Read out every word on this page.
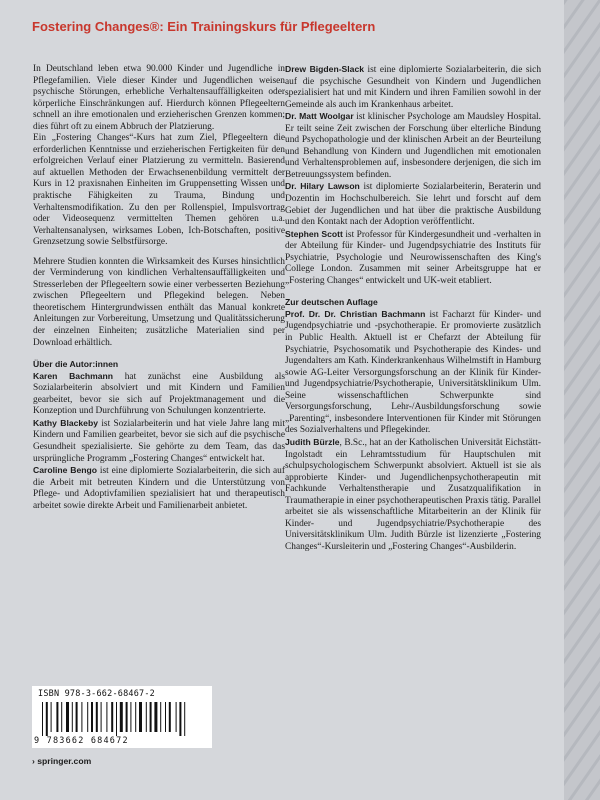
Fostering Changes®: Ein Trainingskurs für Pflegeeltern

In Deutschland leben etwa 90.000 Kinder und Jugendliche in Pflegefamilien. Viele dieser Kinder und Jugendlichen weisen psychische Störungen, erhebliche Verhaltensauffälligkeiten oder körperliche Einschränkungen auf. Hierdurch können Pflegeeltern schnell an ihre emotionalen und erzieherischen Grenzen kommen; dies führt oft zu einem Abbruch der Platzierung.

Ein „Fostering Changes“-Kurs hat zum Ziel, Pflegeeltern die erforderlichen Kenntnisse und erzieherischen Fertigkeiten für den erfolgreichen Verlauf einer Platzierung zu vermitteln. Basierend auf aktuellen Methoden der Erwachsenenbildung vermittelt der Kurs in 12 praxisnahen Einheiten im Gruppensetting Wissen und praktische Fähigkeiten zu Trauma, Bindung und Verhaltensmodifikation. Zu den per Rollenspiel, Impulsvortrag oder Videosequenz vermittelten Themen gehören u.a. Verhaltensanalysen, wirksames Loben, Ich-Botschaften, positive Grenzsetzung sowie Selbstfürsorge.

Mehrere Studien konnten die Wirksamkeit des Kurses hinsichtlich der Verminderung von kindlichen Verhaltensauffälligkeiten und Stresserleben der Pflegeeltern sowie einer verbesserten Beziehung zwischen Pflegeeltern und Pflegekind belegen. Neben theoretischem Hintergrundwissen enthält das Manual konkrete Anleitungen zur Vorbereitung, Umsetzung und Qualitätssicherung der einzelnen Einheiten; zusätzliche Materialien sind per Download erhältlich.

Über die Autor:innen

Karen Bachmann hat zunächst eine Ausbildung als Sozialarbeiterin absolviert und mit Kindern und Familien gearbeitet, bevor sie sich auf Projektmanagement und die Konzeption und Durchführung von Schulungen konzentrierte.

Kathy Blackeby ist Sozialarbeiterin und hat viele Jahre lang mit Kindern und Familien gearbeitet, bevor sie sich auf die psychische Gesundheit spezialisierte. Sie gehörte zu dem Team, das das ursprüngliche Programm „Fostering Changes“ entwickelt hat.

Caroline Bengo ist eine diplomierte Sozialarbeiterin, die sich auf die Arbeit mit betreuten Kindern und die Unterstützung von Pflege- und Adoptivfamilien spezialisiert hat und therapeutisch arbeitet sowie direkte Arbeit und Familienarbeit anbietet.

Drew Bigden-Slack ist eine diplomierte Sozialarbeiterin, die sich auf die psychische Gesundheit von Kindern und Jugendlichen spezialisiert hat und mit Kindern und ihren Familien sowohl in der Gemeinde als auch im Krankenhaus arbeitet.

Dr. Matt Woolgar ist klinischer Psychologe am Maudsley Hospital. Er teilt seine Zeit zwischen der Forschung über elterliche Bindung und Psychopathologie und der klinischen Arbeit an der Beurteilung und Behandlung von Kindern und Jugendlichen mit emotionalen und Verhaltensproblemen auf, insbesondere derjenigen, die sich im Betreuungssystem befinden.

Dr. Hilary Lawson ist diplomierte Sozialarbeiterin, Beraterin und Dozentin im Hochschulbereich. Sie lehrt und forscht auf dem Gebiet der Jugendlichen und hat über die praktische Ausbildung und den Kontakt nach der Adoption veröffentlicht.

Stephen Scott ist Professor für Kindergesundheit und -verhalten in der Abteilung für Kinder- und Jugendpsychiatrie des Instituts für Psychiatrie, Psychologie und Neurowissenschaften des King's College London. Zusammen mit seiner Arbeitsgruppe hat er „Fostering Changes“ entwickelt und UK-weit etabliert.

Zur deutschen Auflage

Prof. Dr. Dr. Christian Bachmann ist Facharzt für Kinder- und Jugendpsychiatrie und -psychotherapie. Er promovierte zusätzlich in Public Health. Aktuell ist er Chefarzt der Abteilung für Psychiatrie, Psychosomatik und Psychotherapie des Kindes- und Jugendalters am Kath. Kinderkrankenhaus Wilhelmstift in Hamburg sowie AG-Leiter Versorgungsforschung an der Klinik für Kinder- und Jugendpsychiatrie/Psychotherapie, Universitätsklinikum Ulm. Seine wissenschaftlichen Schwerpunkte sind Versorgungsforschung, Lehr-/Ausbildungsforschung sowie „Parenting“, insbesondere Interventionen für Kinder mit Störungen des Sozialverhaltens und Pflegekinder.

Judith Bürzle, B.Sc., hat an der Katholischen Universität Eichstätt- Ingolstadt ein Lehramtsstudium für Hauptschulen mit schulpsychologischem Schwerpunkt absolviert. Aktuell ist sie als approbierte Kinder- und Jugendlichenpsychotherapeutin mit Fachkunde Verhaltenstherapie und Zusatzqualifikation in Traumatherapie in einer psychotherapeutischen Praxis tätig. Parallel arbeitet sie als wissenschaftliche Mitarbeiterin an der Klinik für Kinder- und Jugendpsychiatrie/Psychotherapie des Universitätsklinikum Ulm. Judith Bürzle ist lizenzierte „Fostering Changes“-Kursleiterin und „Fostering Changes“-Ausbilderin.

ISBN 978-3-662-68467-2
9 783662 684672
› springer.com
